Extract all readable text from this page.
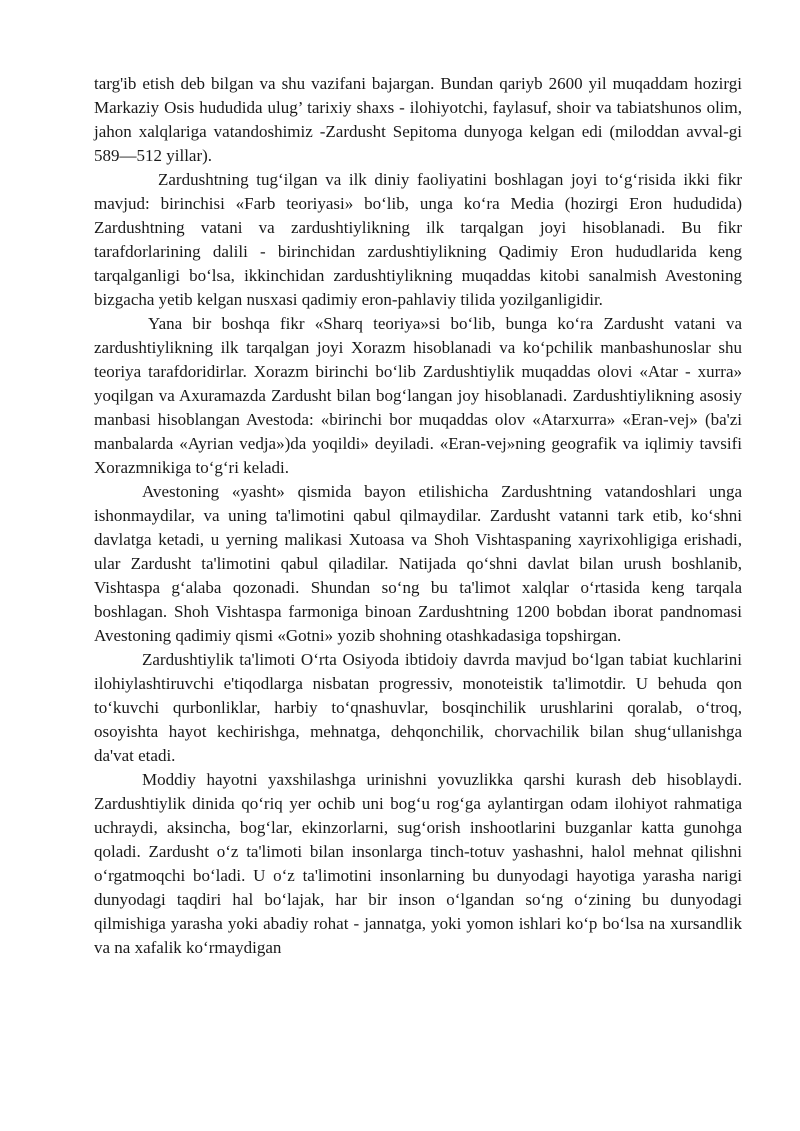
targ'ib etish deb bilgan va shu vazifani bajargan. Bundan qariyb 2600 yil muqaddam hozirgi Markaziy Osis hududida ulug’ tarixiy shaxs - ilohiyotchi, faylasuf, shoir va tabiatshunos olim, jahon xalqlariga vatandoshimiz -Zardusht Sepitoma dunyoga kelgan edi (miloddan avval-gi 589—512 yillar).

Zardushtning tug‘ilgan va ilk diniy faoliyatini boshlagan joyi to‘g‘risida ikki fikr mavjud: birinchisi «Farb teoriyasi» bo‘lib, unga ko‘ra Media (hozirgi Eron hududida) Zardushtning vatani va zardushtiylikning ilk tarqalgan joyi hisoblanadi. Bu fikr tarafdorlarining dalili - birinchidan zardushtiylikning Qadimiy Eron hududlarida keng tarqalganligi bo‘lsa, ikkinchidan zardushtiylikning muqaddas kitobi sanalmish Avestoning bizgacha yetib kelgan nusxasi qadimiy eron-pahlaviy tilida yozilganligidir.

Yana bir boshqa fikr «Sharq teoriya»si bo‘lib, bunga ko‘ra Zardusht vatani va zardushtiylikning ilk tarqalgan joyi Xorazm hisoblanadi va ko‘pchilik manbashunoslar shu teoriya tarafdoridirlar. Xorazm birinchi bo‘lib Zardushtiylik muqaddas olovi «Atar - xurra» yoqilgan va Axuramazda Zardusht bilan bog‘langan joy hisoblanadi. Zardushtiylikning asosiy manbasi hisoblangan Avestoda: «birinchi bor muqaddas olov «Atarxurra» «Eran-vej» (ba'zi manbalarda «Ayrian vedja»)da yoqildi» deyiladi. «Eran-vej»ning geografik va iqlimiy tavsifi Xorazmnikiga to‘g‘ri keladi.

Avestoning «yasht» qismida bayon etilishicha Zardushtning vatandoshlari unga ishonmaydilar, va uning ta'limotini qabul qilmaydilar. Zardusht vatanni tark etib, ko‘shni davlatga ketadi, u yerning malikasi Xutoasa va Shoh Vishtaspaning xayrixohligiga erishadi, ular Zardusht ta'limotini qabul qiladilar. Natijada qo‘shni davlat bilan urush boshlanib, Vishtaspa g‘alaba qozonadi. Shundan so‘ng bu ta'limot xalqlar o‘rtasida keng tarqala boshlagan. Shoh Vishtaspa farmoniga binoan Zardushtning 1200 bobdan iborat pandnomasi Avestoning qadimiy qismi «Gotni» yozib shohning otashkadasiga topshirgan.

Zardushtiylik ta'limoti O‘rta Osiyoda ibtidoiy davrda mavjud bo‘lgan tabiat kuchlarini ilohiylashtiruvchi e'tiqodlarga nisbatan progressiv, monoteistik ta'limotdir. U behuda qon to‘kuvchi qurbonliklar, harbiy to‘qnashuvlar, bosqinchilik urushlarini qoralab, o‘troq, osoyishta hayot kechirishga, mehnatga, dehqonchilik, chorvachilik bilan shug‘ullanishga da'vat etadi.

Moddiy hayotni yaxshilashga urinishni yovuzlikka qarshi kurash deb hisoblaydi. Zardushtiylik dinida qo‘riq yer ochib uni bog‘u rog‘ga aylantirgan odam ilohiyot rahmatiga uchraydi, aksincha, bog‘lar, ekinzorlarni, sug‘orish inshootlarini buzganlar katta gunohga qoladi. Zardusht o‘z ta'limoti bilan insonlarga tinch-totuv yashashni, halol mehnat qilishni o‘rgatmoqchi bo‘ladi. U o‘z ta'limotini insonlarning bu dunyodagi hayotiga yarasha narigi dunyodagi taqdiri hal bo‘lajak, har bir inson o‘lgandan so‘ng o‘zining bu dunyodagi qilmishiga yarasha yoki abadiy rohat - jannatga, yoki yomon ishlari ko‘p bo‘lsa na xursandlik va na xafalik ko‘rmaydigan
